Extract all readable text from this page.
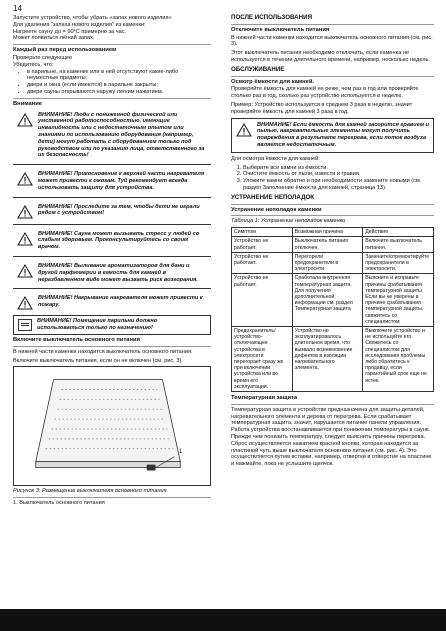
14
Запустите устройство, чтобы убрать «запах нового изделия»
Для удаления "запаха нового изделия" из каменки:
Нагреете сауну до = 90°С примерно за час.
Может появиться лёгкий запах.
Каждый раз перед использованием
Проверьте следующее
Убедитесь, что:
• в парильне, на каменке или в ней отсутствуют какие-либо неуместные предметы;
• двери и окна (если имеются) в парильне закрыты;
• двери сауны открываются наружу легким нажатием.
Внимание
ВНИМАНИЕ! Люди с пониженной физической или умственной работоспособностью, имеющие инвалидность или с недостаточным опытом или знаниями по использованию оборудования (например, дети) могут работать с оборудованием только под руководством или по указанию лица, ответственного за их безопасность!
ВНИМАНИЕ! Прикосновение к верхней части нагревателя может привести к ожогам. Туй рекомендует всегда использовать защиту для устройства.
ВНИМАНИЕ! Проследите за тем, чтобы дети не играли рядом с устройством!
ВНИМАНИЕ! Сауна может вызывать стресс у людей со слабым здоровьем. Проконсультируйтесь со своим врачом.
ВНИМАНИЕ! Выливание ароматизаторов для бани и другой парфюмерии в емкость для камней в неразбавленном виде может вызвать риск возгорания.
ВНИМАНИЕ! Накрывание нагревателя может привести к пожару.
ВНИМАНИЕ! Помещение парильни должно использоваться только по назначению!
Включите выключатель основного питания

В нижней части каменки находится выключатель основного питания.

Включите выключатель питания, если он не включен (см. рис. 3).

1
Рисунок 3: Размещение выключателя основного питания
1. Выключатель основного питания
ПОСЛЕ ИСПОЛЬЗОВАНИЯ
Отключите выключатель питания

В нижней части каменки находится выключатель основного питания (см. рис. 3).

Этот выключатель питания необходимо отключить, если каменка не используется в течении длительного времени, например, несколько недель.

ОБСЛУЖИВАНИЕ
Осмотр ёмкости для камней.

Проверяйте ёмкость для камней не реже, чем раз в год или проверяйте столько раз в год, сколько раз устройство используется в неделю.

Пример: Устройство используется в среднем 3 раза в неделю, значит проверяйте ёмкость для камней 3 раза в год.

ВНИМАНИЕ! Если ёмкость для камней засорится гравием и пылью, нагревательные элементы могут получить повреждения в результате перегрева, если поток воздуха является недостаточным.

Для осмотра ёмкости для камней:

1. Выберите все камни из ёмкости.
2. Очистите ёмкость от пыли, извести и гравия.
3. Уложите камни обратно и при необходимости замените новыми (см. раздел Заполнение ёмкости для камней, страница 13).
УСТРАНЕНИЕ НЕПОЛАДОК
Устранение неполадок каменки
Таблица 1: Устранение неполадок каменки
Симптом	Возможная причина	Действие
Устройство не работает.	Выключатель питания отключен.	Включите выключатель питания.
Устройство не работает.	Перегорели предохранители в электросети.	Замените/отремонтируйте предохранители в электросети.
Устройство не работает.	Сработала внутренняя температурная защита. Для получения дополнительной информации см. раздел Температурная защита	Выясните и исправьте причины срабатывания температурной защиты. Если вы не уверены в причине срабатывания температурной защиты, свяжитесь со специалистом
Предохранитель/ устройство-отключающее устройства в электросети перегорает сразу же при включении устройства или во время его эксплуатации.	Устройство не эксплуатировалось длительное время, что вызвало возникновение дефектов в изоляции нагревательного элемента.	Выключите устройство и не используйте его. Свяжитесь со специалистом для исследования проблемы либо обратитесь к продавцу, если гарантийный срок еще не истек.
Температурная защита

Температурная защита в устройстве предназначена для защиты деталей, нагревательного элемента и дерева от перегрева. Если срабатывает температурная защита, значит, нарушается питание панели управления. Работа устройства восстанавливается при понижении температуры в сауне. Прежде чем понизить температуру, следует выяснить причины перегрева. Сброс осуществляется нажатием красной кнопки, которая находится за пластиной чуть выше выключателя основного питания (см. рис. 4). Это осуществляется путем вставки, например, отвертки в отверстие на пластине и нажмайте, пока не услышите щелчок.
